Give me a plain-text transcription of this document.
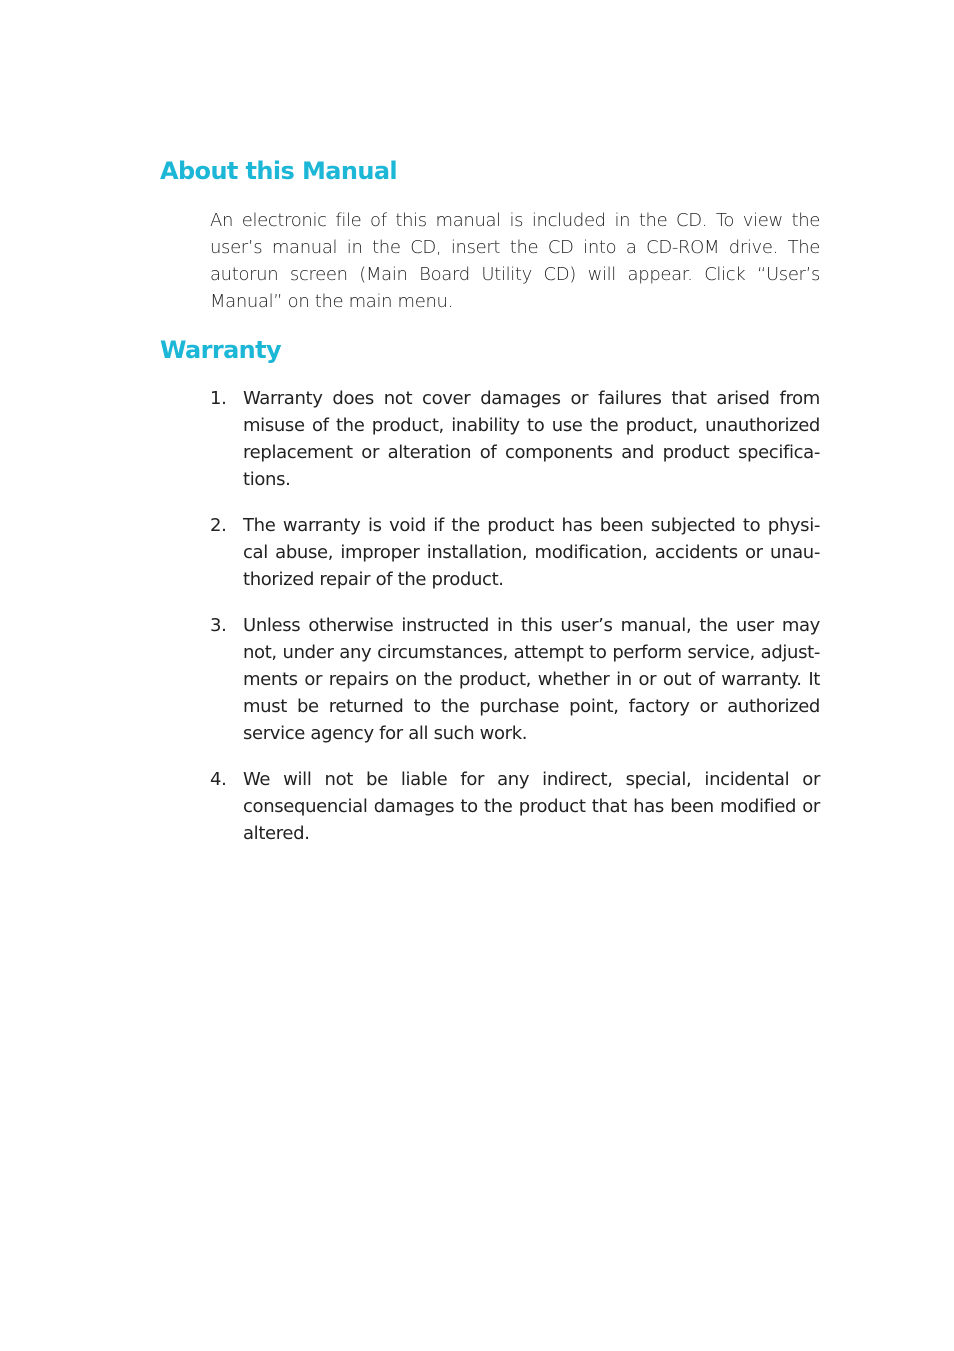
About this Manual

An electronic file of this manual is included in the CD. To view the user’s manual in the CD, insert the CD into a CD-ROM drive. The autorun screen (Main Board Utility CD) will appear. Click “User’s Manual” on the main menu.

Warranty
1. Warranty does not cover damages or failures that arised from misuse of the product, inability to use the product, unauthorized replacement or alteration of components and product specifica-tions.

2. The warranty is void if the product has been subjected to physi-cal abuse, improper installation, modification, accidents or unau-thorized repair of the product.

3. Unless otherwise instructed in this user’s manual, the user may not, under any circumstances, attempt to perform service, adjust-ments or repairs on the product, whether in or out of warranty. It must be returned to the purchase point, factory or authorized service agency for all such work.

4. We will not be liable for any indirect, special, incidental or consequencial damages to the product that has been modified or altered.
